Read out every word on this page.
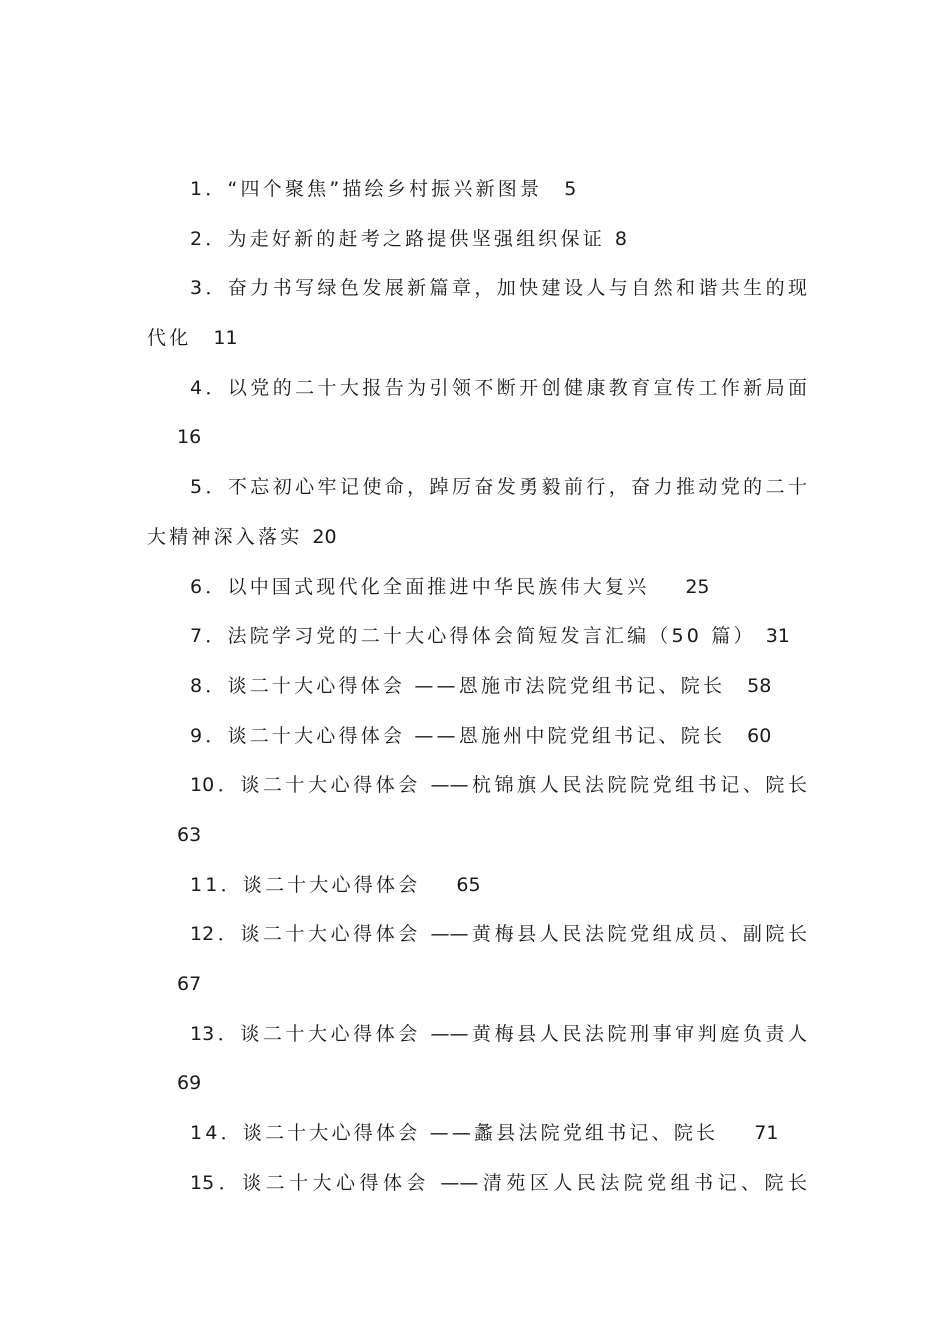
1．“四个聚焦”描绘乡村振兴新图景 5
2．为走好新的赶考之路提供坚强组织保证 8
3．奋力书写绿色发展新篇章，加快建设人与自然和谐共生的现
代化 11
4．以党的二十大报告为引领不断开创健康教育宣传工作新局面
16
5．不忘初心牢记使命，踔厉奋发勇毅前行，奋力推动党的二十
大精神深入落实 20
6．以中国式现代化全面推进中华民族伟大复兴 25
7．法院学习党的二十大心得体会简短发言汇编（50 篇） 31
8．谈二十大心得体会 ——恩施市法院党组书记、院长 58
9．谈二十大心得体会 ——恩施州中院党组书记、院长 60
10．谈二十大心得体会 ——杭锦旗人民法院院党组书记、院长
63
11．谈二十大心得体会 65
12．谈二十大心得体会 ——黄梅县人民法院党组成员、副院长
67
13．谈二十大心得体会 ——黄梅县人民法院刑事审判庭负责人
69
14．谈二十大心得体会 ——蠡县法院党组书记、院长 71
15．谈二十大心得体会 ——清苑区人民法院党组书记、院长
